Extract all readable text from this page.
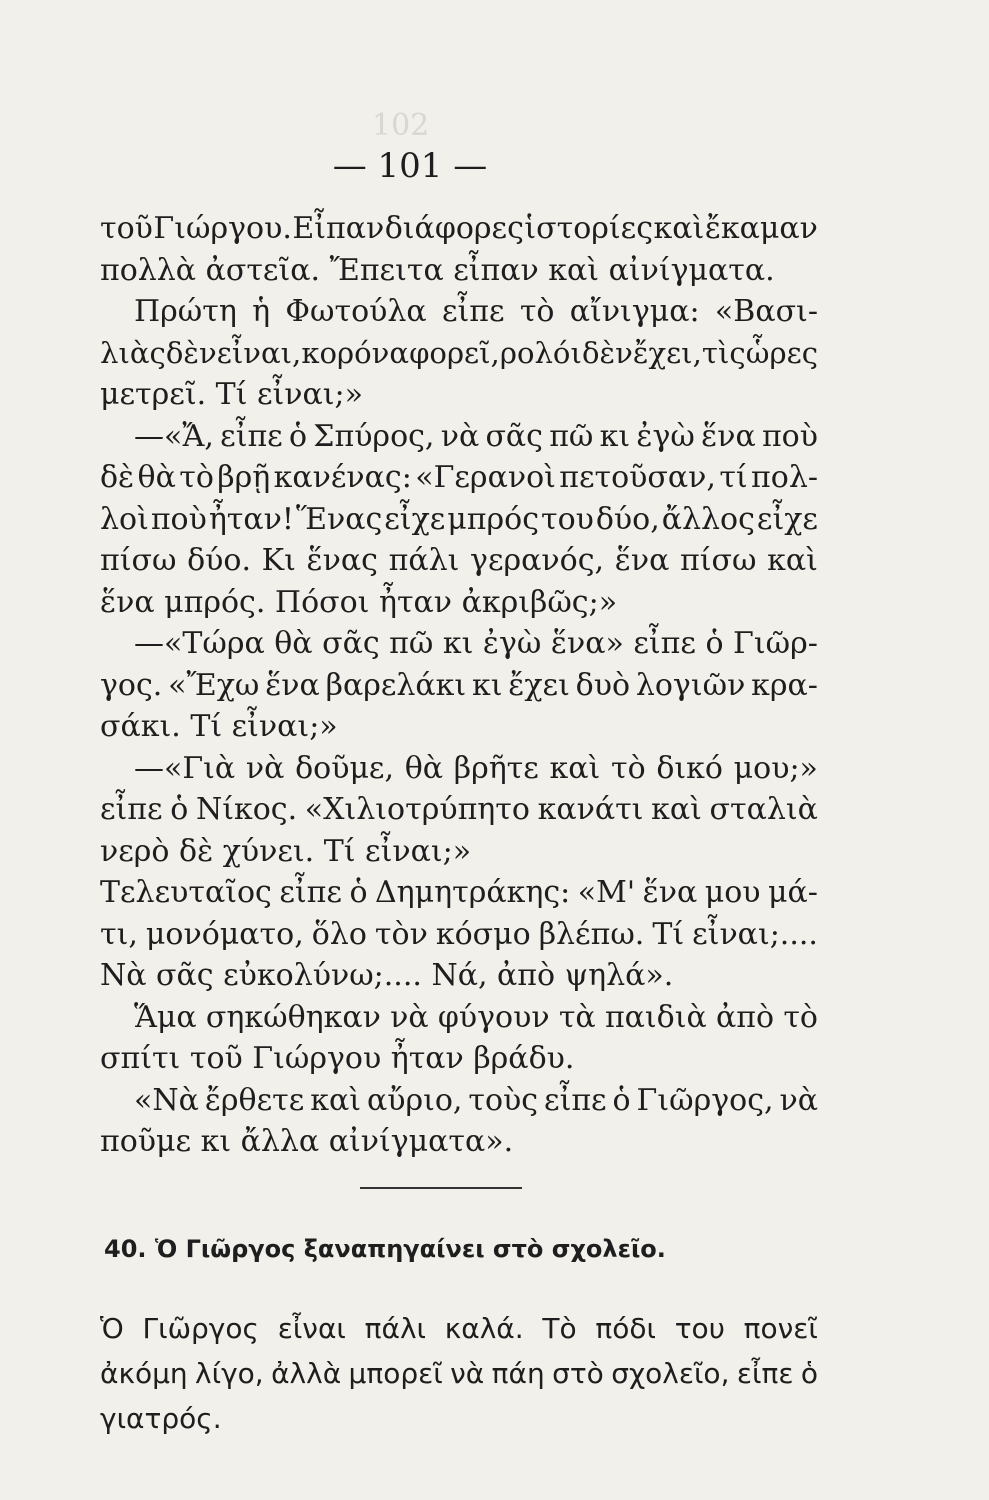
102
— 101 —
τοῦ Γιώργου. Εἶπαν διάφορες ἱστορίες καὶ ἔκαμαν
πολλὰ ἀστεῖα. Ἔπειτα εἶπαν καὶ αἰνίγματα.
Πρώτη ἡ Φωτούλα εἶπε τὸ αἴνιγμα: «Βασι-
λιὰς δὲν εἶναι, κορόνα φορεῖ, ρολόι δὲν ἔχει, τὶς ὧρες
μετρεῖ. Τί εἶναι;»
—«Ἄ, εἶπε ὁ Σπύρος, νὰ σᾶς πῶ κι ἐγὼ ἕνα ποὺ
δὲ θὰ τὸ βρῇ κανένας: «Γερανοὶ πετοῦσαν, τί πολ-
λοὶ ποὺ ἦταν! Ἕνας εἶχε μπρός του δύο, ἄλλος εἶχε
πίσω δύο. Κι ἕνας πάλι γερανός, ἕνα πίσω καὶ
ἕνα μπρός. Πόσοι ἦταν ἀκριβῶς;»
—«Τώρα θὰ σᾶς πῶ κι ἐγὼ ἕνα» εἶπε ὁ Γιῶρ-
γος. «Ἔχω ἕνα βαρελάκι κι ἔχει δυὸ λογιῶν κρα-
σάκι. Τί εἶναι;»
—«Γιὰ νὰ δοῦμε, θὰ βρῆτε καὶ τὸ δικό μου;»
εἶπε ὁ Νίκος. «Χιλιοτρύπητο κανάτι καὶ σταλιὰ
νερὸ δὲ χύνει. Τί εἶναι;»
Τελευταῖος εἶπε ὁ Δημητράκης: «Μ' ἕνα μου μά-
τι, μονόματο, ὅλο τὸν κόσμο βλέπω. Τί εἶναι;....
Νὰ σᾶς εὐκολύνω;.... Νά, ἀπὸ ψηλά».
Ἅμα σηκώθηκαν νὰ φύγουν τὰ παιδιὰ ἀπὸ τὸ
σπίτι τοῦ Γιώργου ἦταν βράδυ.
«Νὰ ἔρθετε καὶ αὔριο, τοὺς εἶπε ὁ Γιῶργος, νὰ
ποῦμε κι ἄλλα αἰνίγματα».
40. Ὁ Γιῶργος ξαναπηγαίνει στὸ σχολεῖο.
Ὁ Γιῶργος εἶναι πάλι καλά. Τὸ πόδι του πονεῖ
ἀκόμη λίγο, ἀλλὰ μπορεῖ νὰ πάη στὸ σχολεῖο, εἶπε ὁ
γιατρός.
